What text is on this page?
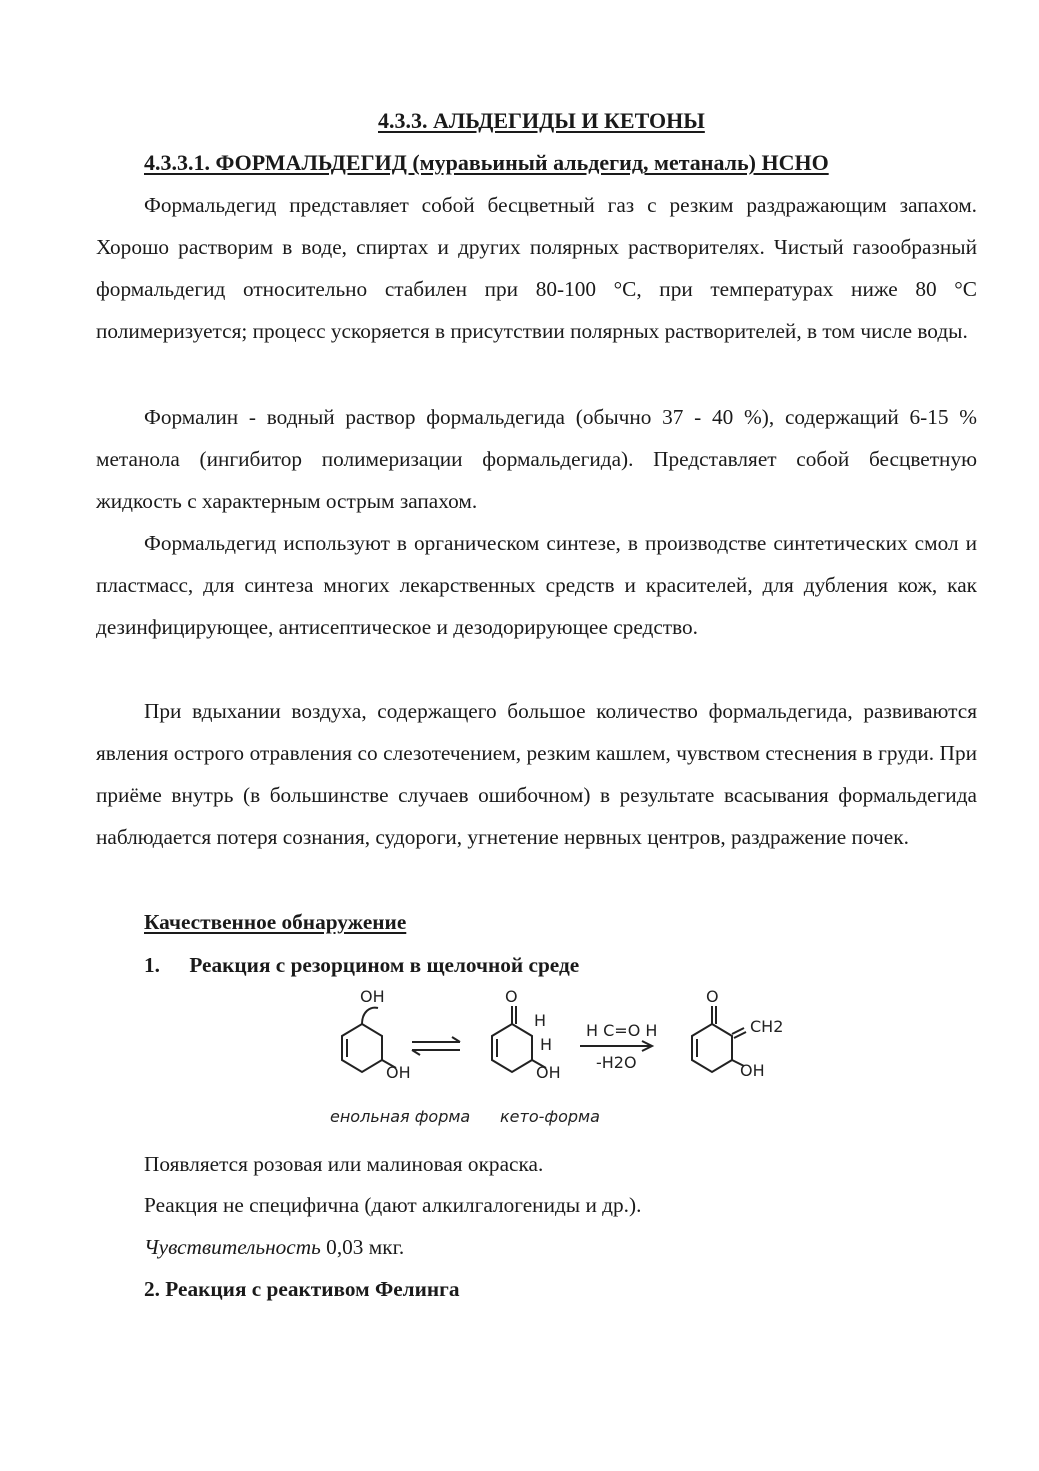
4.3.3. АЛЬДЕГИДЫ И КЕТОНЫ
4.3.3.1. ФОРМАЛЬДЕГИД (муравьиный альдегид, метаналь) НСНО

Формальдегид представляет собой бесцветный газ с резким раздражающим запахом. Хорошо растворим в воде, спиртах и других полярных растворителях. Чистый газообразный формальдегид относительно стабилен при 80-100 °С, при температурах ниже 80 °С полимеризуется; процесс ускоряется в присутствии полярных растворителей, в том числе воды.

Формалин - водный раствор формальдегида (обычно 37 - 40 %), содержащий 6-15 % метанола (ингибитор полимеризации формальдегида). Представляет собой бесцветную жидкость с характерным острым запахом.

Формальдегид используют в органическом синтезе, в производстве синтетических смол и пластмасс, для синтеза многих лекарственных средств и красителей, для дубления кож, как дезинфицирующее, антисептическое и дезодорирующее средство.

При вдыхании воздуха, содержащего большое количество формальдегида, развиваются явления острого отравления со слезотечением, резким кашлем, чувством стеснения в груди. При приёме внутрь (в большинстве случаев ошибочном) в результате всасывания формальдегида наблюдается потеря сознания, судороги, угнетение нервных центров, раздражение почек.

Качественное обнаружение
1. Реакция с резорцином в щелочной среде
OH
OH
O
H
H
OH
H C=O H
-H2O
O
CH2
OH
енольная форма кето-форма
Появляется розовая или малиновая окраска.
Реакция не специфична (дают алкилгалогениды и др.).
Чувствительность 0,03 мкг.
2. Реакция с реактивом Фелинга
